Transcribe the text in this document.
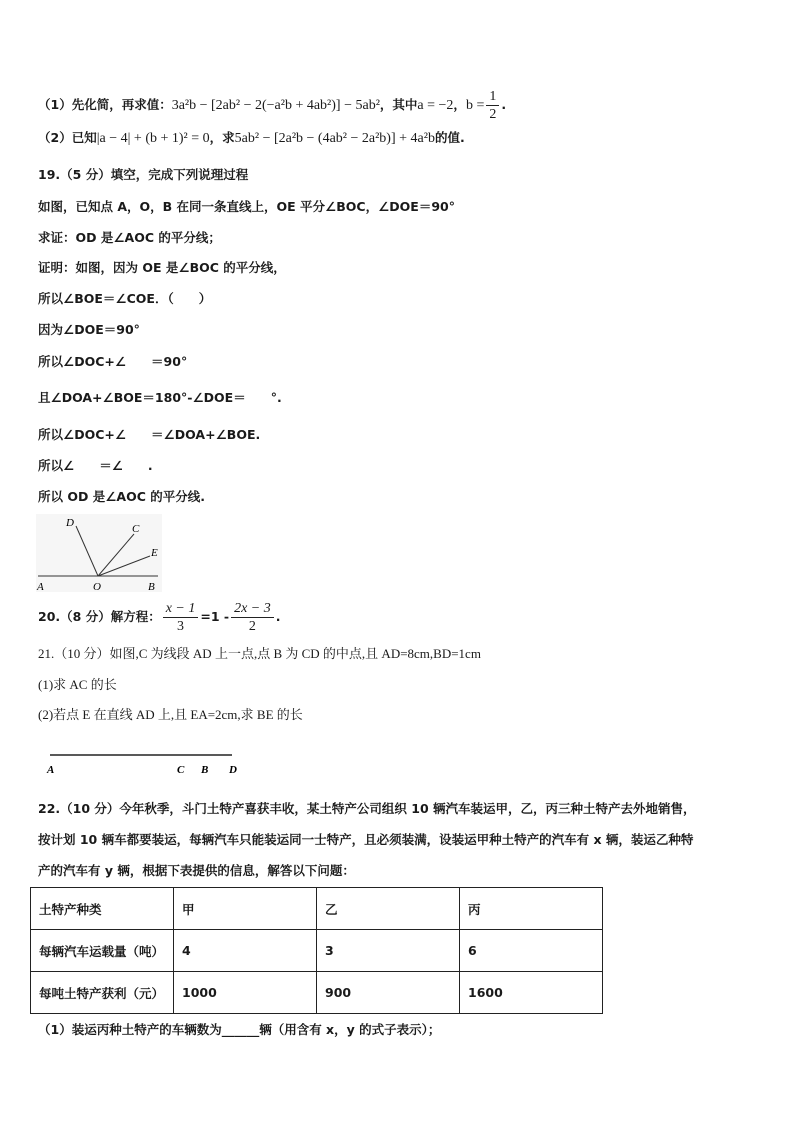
（1）先化简，再求值：3a²b − [2ab² − 2(−a²b + 4ab²)] − 5ab²，其中a = −2，$b = \frac{1}{2}$ .
（2）已知|a − 4| + (b + 1)² = 0，求5ab² − [2a²b − (4ab² − 2a²b)] + 4a²b的值.
19.（5 分）填空，完成下列说理过程
如图，已知点 A，O，B 在同一条直线上，OE 平分∠BOC，∠DOE＝90°
求证：OD 是∠AOC 的平分线；
证明：如图，因为 OE 是∠BOC 的平分线，
所以∠BOE＝∠COE．（　　）
因为∠DOE＝90°
所以∠DOC+∠　　＝90°
且∠DOA+∠BOE＝180°-∠DOE＝　　°.
所以∠DOC+∠　　＝∠DOA+∠BOE.
所以∠　　＝∠　　.
所以 OD 是∠AOC 的平分线.
D	C
E
A	O	B
20.（8 分）解方程： $\frac{x - 1}{3} =1 - \frac{2x - 3}{2}$ .
21.（10 分）如图,C 为线段 AD 上一点,点 B 为 CD 的中点,且 AD=8cm,BD=1cm
(1)求 AC 的长
(2)若点 E 在直线 AD 上,且 EA=2cm,求 BE 的长
A	C B D
22.（10 分）今年秋季，斗门土特产喜获丰收，某土特产公司组织 10 辆汽车装运甲，乙，丙三种土特产去外地销售，
按计划 10 辆车都要装运，每辆汽车只能装运同一士特产，且必须装满，设装运甲种土特产的汽车有 x 辆，装运乙种特
产的汽车有 y 辆，根据下表提供的信息，解答以下问题：
土特产种类	甲	乙	丙
每辆汽车运载量（吨）	4	3	6
每吨土特产获利（元）	1000	900	1600
（1）装运丙种土特产的车辆数为______辆（用含有 x，y 的式子表示）；
